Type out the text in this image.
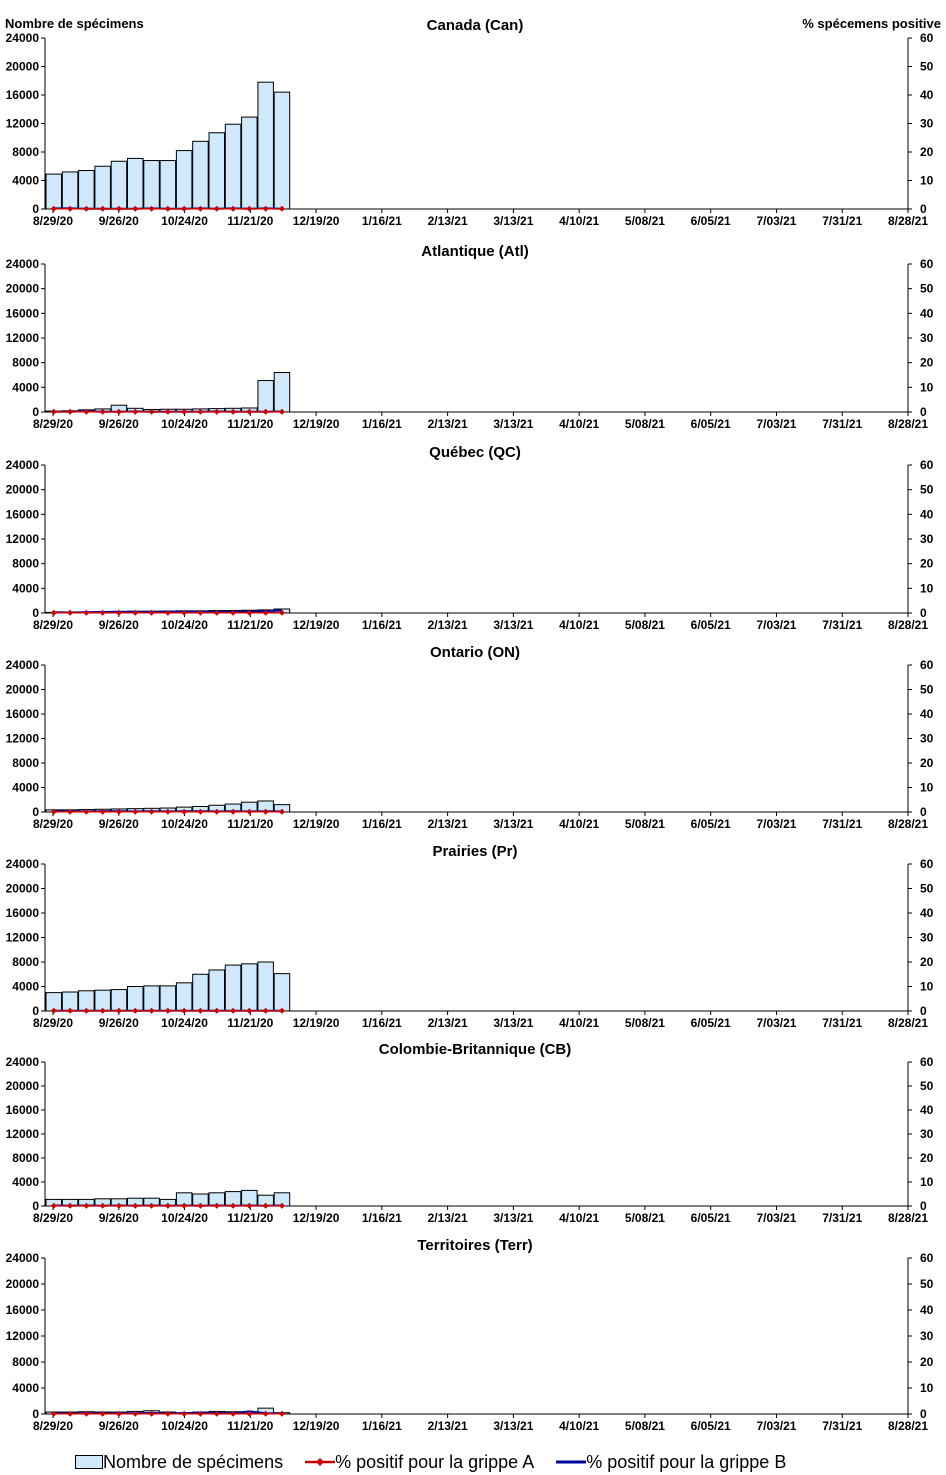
Nombre de spécimens	% spécemens positive
Canada (Can)
0
4000
8000
12000
16000
20000
24000
0
10
20
30
40
50
60
8/29/20 9/26/20 10/24/20 11/21/20 12/19/20 1/16/21 2/13/21 3/13/21 4/10/21 5/08/21 6/05/21 7/03/21 7/31/21 8/28/21
Atlantique (Atl)
0
4000
8000
12000
16000
20000
24000
0
10
20
30
40
50
60
8/29/20 9/26/20 10/24/20 11/21/20 12/19/20 1/16/21 2/13/21 3/13/21 4/10/21 5/08/21 6/05/21 7/03/21 7/31/21 8/28/21
Québec (QC)
0
4000
8000
12000
16000
20000
24000
0
10
20
30
40
50
60
8/29/20 9/26/20 10/24/20 11/21/20 12/19/20 1/16/21 2/13/21 3/13/21 4/10/21 5/08/21 6/05/21 7/03/21 7/31/21 8/28/21
Ontario (ON)
0
4000
8000
12000
16000
20000
24000
0
10
20
30
40
50
60
8/29/20 9/26/20 10/24/20 11/21/20 12/19/20 1/16/21 2/13/21 3/13/21 4/10/21 5/08/21 6/05/21 7/03/21 7/31/21 8/28/21
Prairies (Pr)
0
4000
8000
12000
16000
20000
24000
0
10
20
30
40
50
60
8/29/20 9/26/20 10/24/20 11/21/20 12/19/20 1/16/21 2/13/21 3/13/21 4/10/21 5/08/21 6/05/21 7/03/21 7/31/21 8/28/21
Colombie-Britannique (CB)
0
4000
8000
12000
16000
20000
24000
0
10
20
30
40
50
60
8/29/20 9/26/20 10/24/20 11/21/20 12/19/20 1/16/21 2/13/21 3/13/21 4/10/21 5/08/21 6/05/21 7/03/21 7/31/21 8/28/21
Territoires (Terr)
0
4000
8000
12000
16000
20000
24000
0
10
20
30
40
50
60
8/29/20 9/26/20 10/24/20 11/21/20 12/19/20 1/16/21 2/13/21 3/13/21 4/10/21 5/08/21 6/05/21 7/03/21 7/31/21 8/28/21
Nombre de spécimens	% positif pour la grippe A	% positif pour la grippe B
